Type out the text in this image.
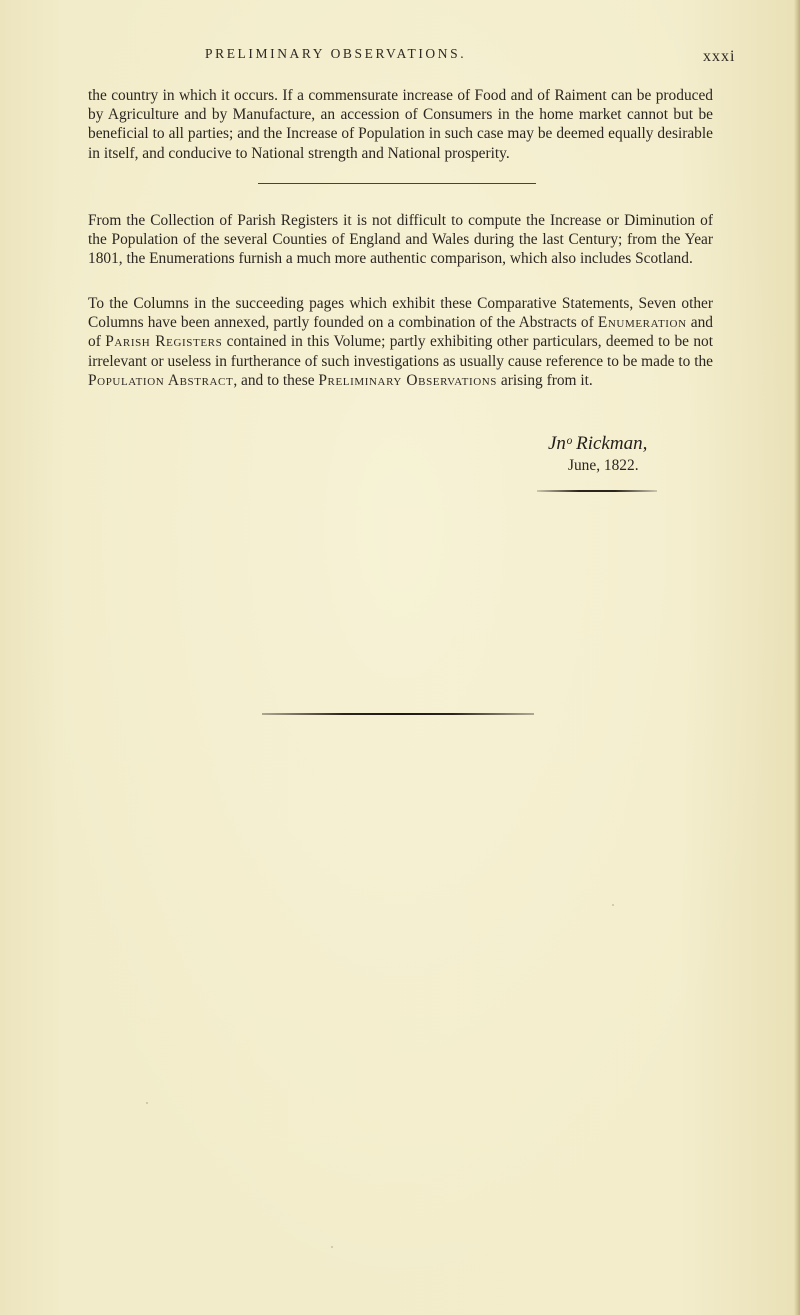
PRELIMINARY OBSERVATIONS.	xxxi

the country in which it occurs. If a commensurate increase of Food and of Raiment can be produced by Agriculture and by Manufacture, an accession of Consumers in the home market cannot but be beneficial to all parties; and the Increase of Population in such case may be deemed equally desirable in itself, and conducive to National strength and National prosperity.

From the Collection of Parish Registers it is not difficult to compute the Increase or Diminution of the Population of the several Counties of England and Wales during the last Century; from the Year 1801, the Enumerations furnish a much more authentic comparison, which also includes Scotland.

To the Columns in the succeeding pages which exhibit these Comparative Statements, Seven other Columns have been annexed, partly founded on a combination of the Abstracts of Enumeration and of Parish Registers contained in this Volume; partly exhibiting other particulars, deemed to be not irrelevant or useless in furtherance of such investigations as usually cause reference to be made to the Population Abstract, and to these Preliminary Observations arising from it.

Jnᵒ Rickman,
June, 1822.
